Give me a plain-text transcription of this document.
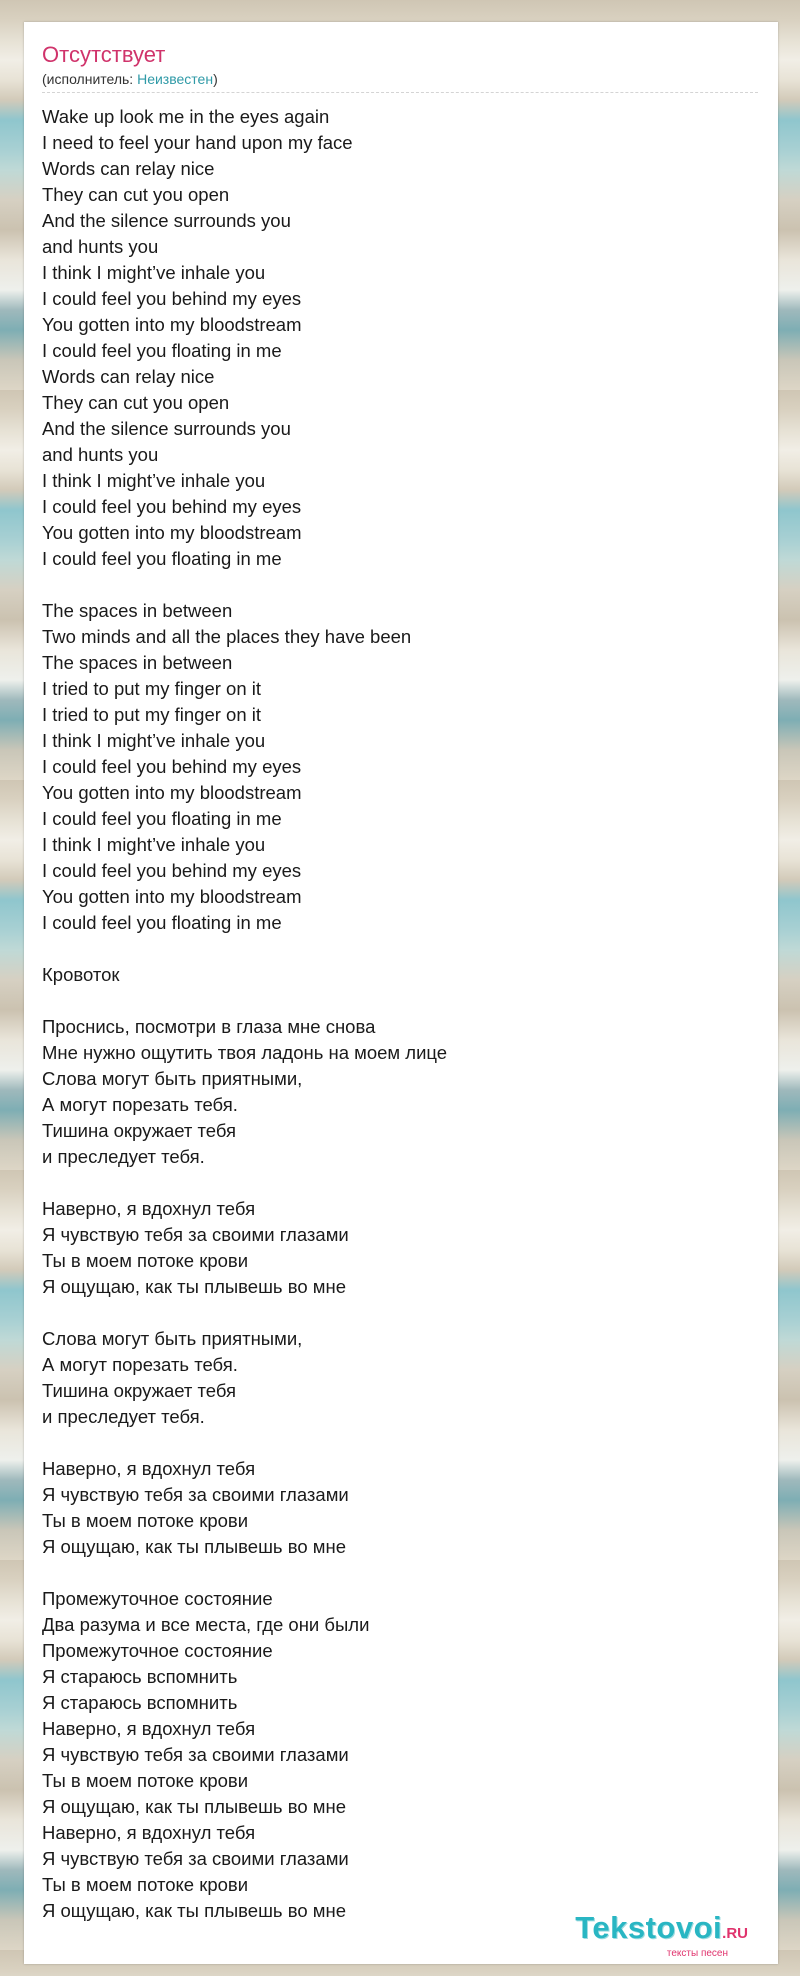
Отсутствует
(исполнитель: Неизвестен)
Wake up look me in the eyes again
I need to feel your hand upon my face
Words can relay nice
They can cut you open
And the silence surrounds you
and hunts you
I think I might’ve inhale you
I could feel you behind my eyes
You gotten into my bloodstream
I could feel you floating in me
Words can relay nice
They can cut you open
And the silence surrounds you
and hunts you
I think I might’ve inhale you
I could feel you behind my eyes
You gotten into my bloodstream
I could feel you floating in me
The spaces in between
Two minds and all the places they have been
The spaces in between
I tried to put my finger on it
I tried to put my finger on it
I think I might’ve inhale you
I could feel you behind my eyes
You gotten into my bloodstream
I could feel you floating in me
I think I might’ve inhale you
I could feel you behind my eyes
You gotten into my bloodstream
I could feel you floating in me
Кровоток
Проснись, посмотри в глаза мне снова
Мне нужно ощутить твоя ладонь на моем лице
Слова могут быть приятными,
А могут порезать тебя.
Тишина окружает тебя
и преследует тебя.
Наверно, я вдохнул тебя
Я чувствую тебя за своими глазами
Ты в моем потоке крови
Я ощущаю, как ты плывешь во мне
Слова могут быть приятными,
А могут порезать тебя.
Тишина окружает тебя
и преследует тебя.
Наверно, я вдохнул тебя
Я чувствую тебя за своими глазами
Ты в моем потоке крови
Я ощущаю, как ты плывешь во мне
Промежуточное состояние
Два разума и все места, где они были
Промежуточное состояние
Я стараюсь вспомнить
Я стараюсь вспомнить
Наверно, я вдохнул тебя
Я чувствую тебя за своими глазами
Ты в моем потоке крови
Я ощущаю, как ты плывешь во мне
Наверно, я вдохнул тебя
Я чувствую тебя за своими глазами
Ты в моем потоке крови
Я ощущаю, как ты плывешь во мне	Tekstovoi.RU
тексты песен
